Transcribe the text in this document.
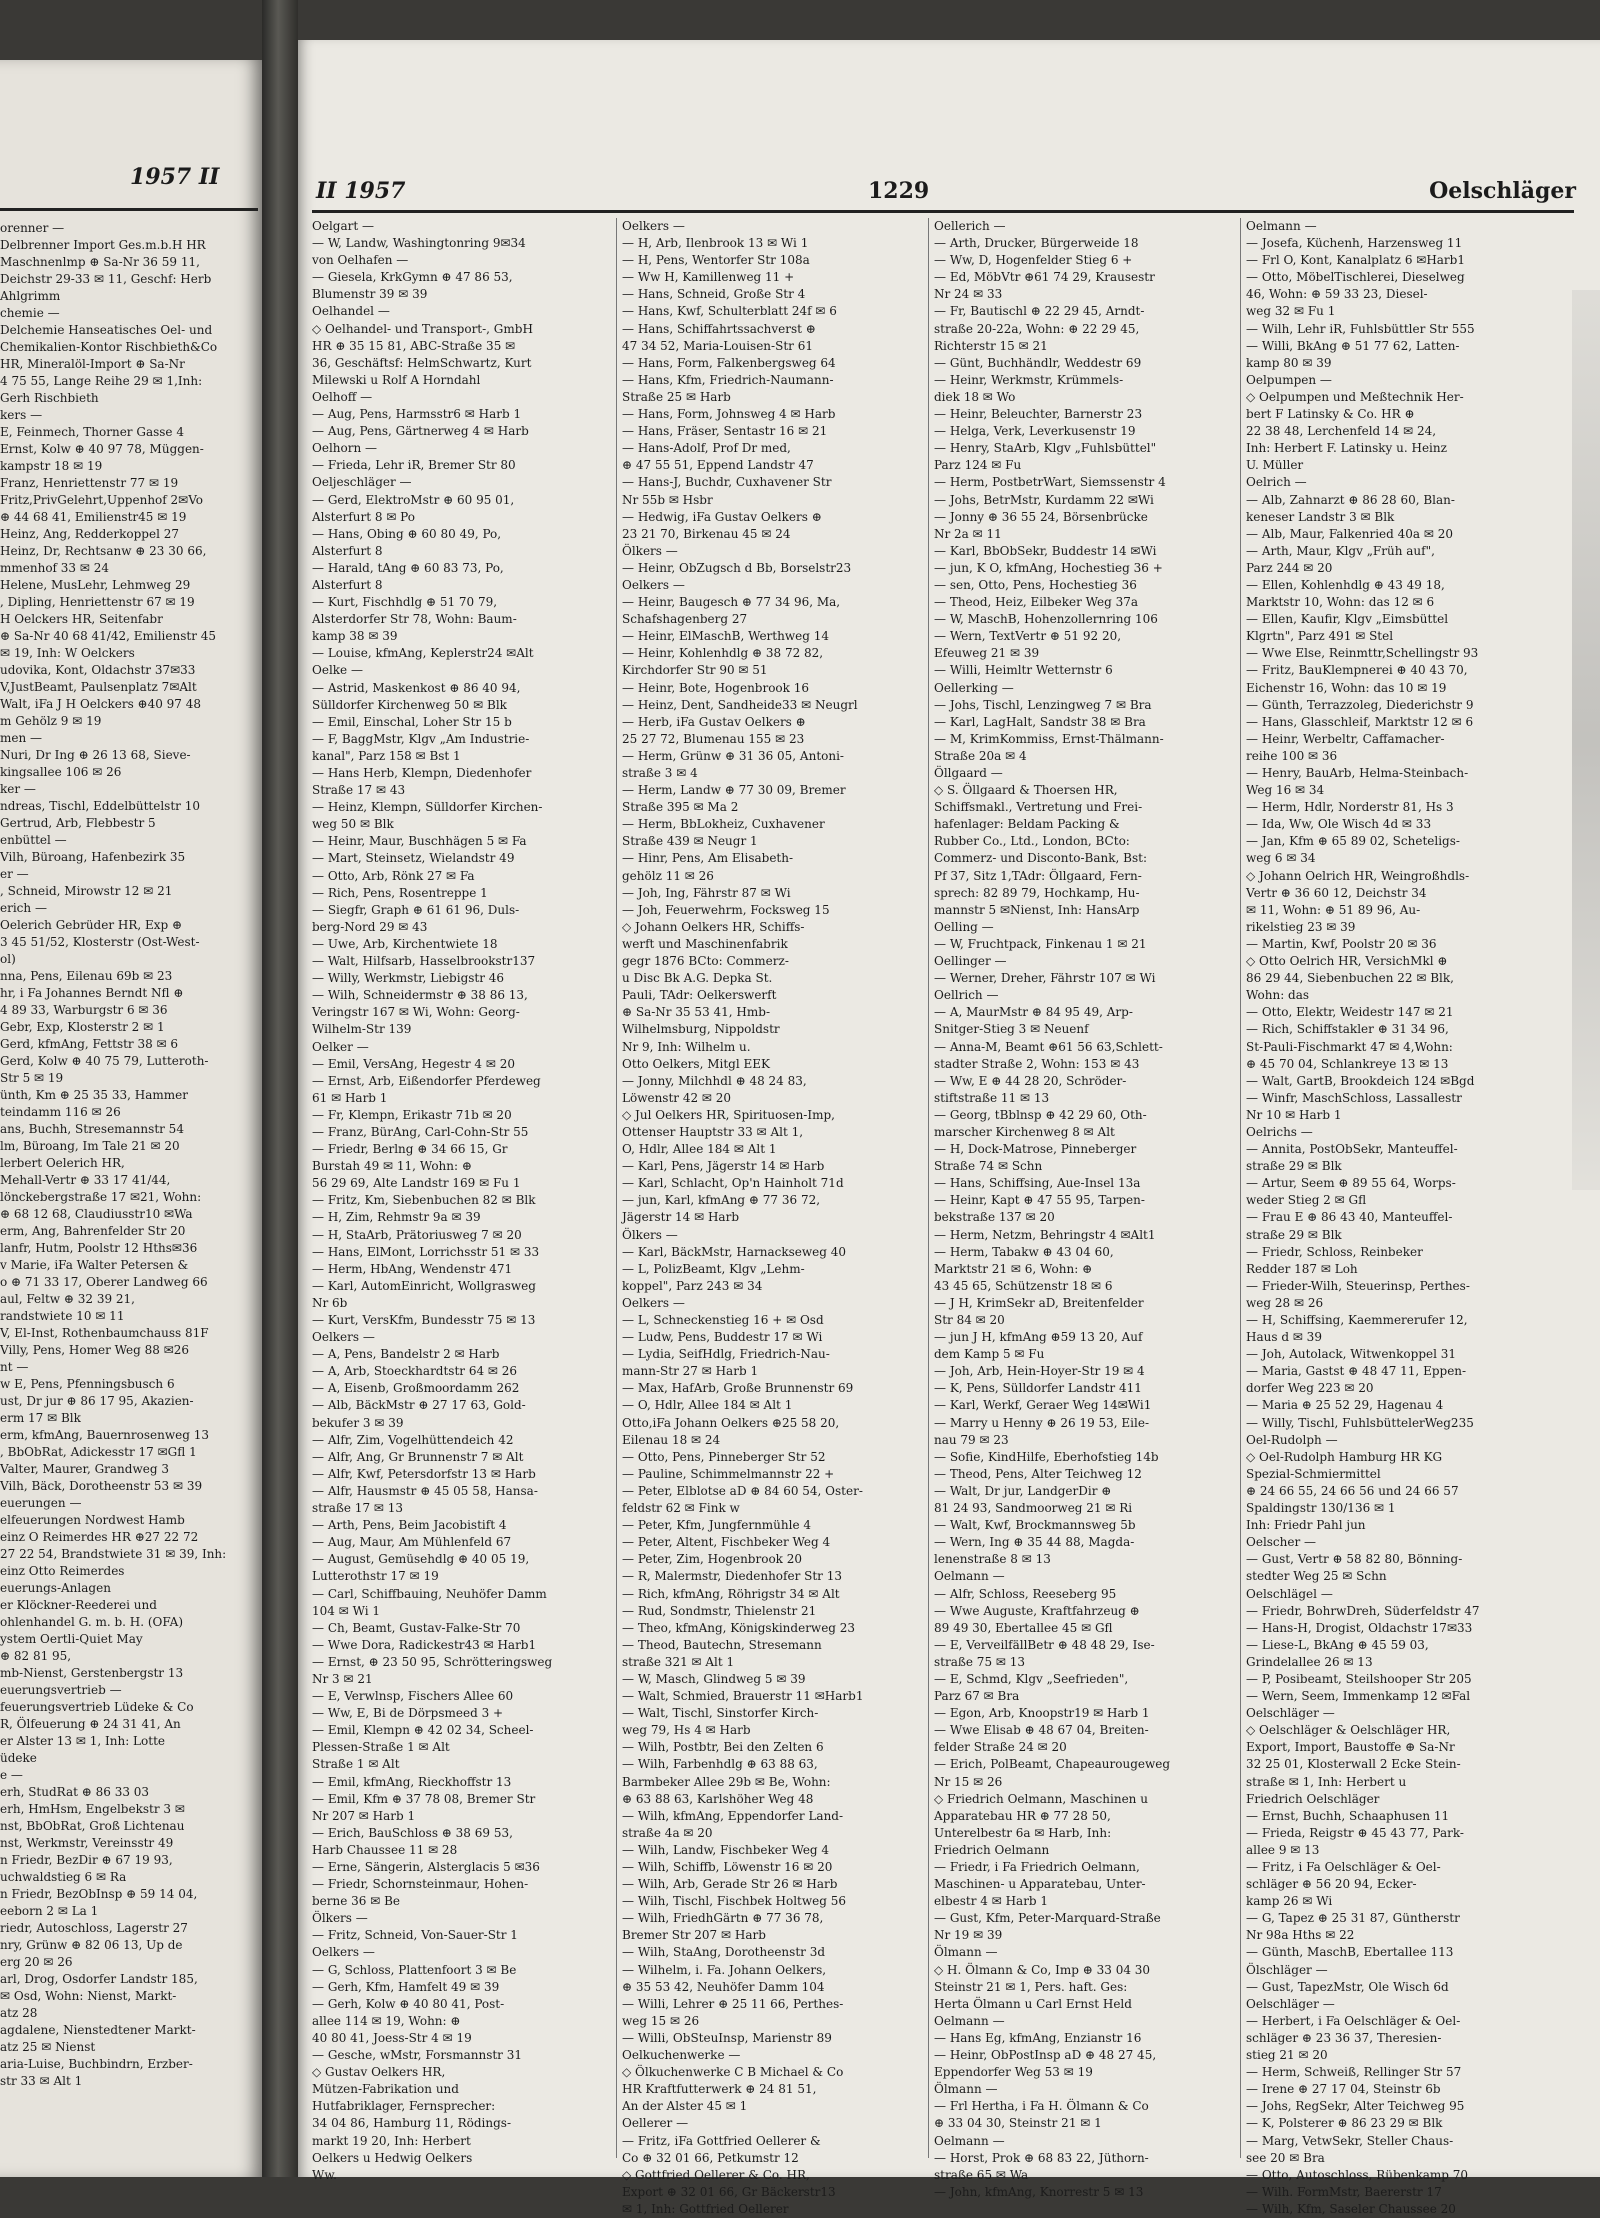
1957 II
orenner —
Delbrenner Import Ges.m.b.H HR
Maschnenlmp ⊕ Sa-Nr 36 59 11,
Deichstr 29-33 ✉ 11, Geschf: Herb
Ahlgrimm
chemie —
Delchemie Hanseatisches Oel- und
Chemikalien-Kontor Rischbieth&Co
HR, Mineralöl-Import ⊕ Sa-Nr
4 75 55, Lange Reihe 29 ✉ 1,Inh:
Gerh Rischbieth
kers —
E, Feinmech, Thorner Gasse 4
Ernst, Kolw ⊕ 40 97 78, Müggen-
kampstr 18 ✉ 19
Franz, Henriettenstr 77 ✉ 19
Fritz,PrivGelehrt,Uppenhof 2✉Vo
⊕ 44 68 41, Emilienstr45 ✉ 19
Heinz, Ang, Redderkoppel 27
Heinz, Dr, Rechtsanw ⊕ 23 30 66,
mmenhof 33 ✉ 24
Helene, MusLehr, Lehmweg 29
, Dipling, Henriettenstr 67 ✉ 19
H Oelckers HR, Seitenfabr
⊕ Sa-Nr 40 68 41/42, Emilienstr 45
✉ 19, Inh: W Oelckers
udovika, Kont, Oldachstr 37✉33
V,JustBeamt, Paulsenplatz 7✉Alt
Walt, iFa J H Oelckers ⊕40 97 48
m Gehölz 9 ✉ 19
men —
Nuri, Dr Ing ⊕ 26 13 68, Sieve-
kingsallee 106 ✉ 26
ker —
ndreas, Tischl, Eddelbüttelstr 10
Gertrud, Arb, Flebbestr 5
enbüttel —
Vilh, Büroang, Hafenbezirk 35
er —
, Schneid, Mirowstr 12 ✉ 21
erich —
Oelerich Gebrüder HR, Exp ⊕
3 45 51/52, Klosterstr (Ost-West-
ol)
nna, Pens, Eilenau 69b ✉ 23
hr, i Fa Johannes Berndt Nfl ⊕
4 89 33, Warburgstr 6 ✉ 36
Gebr, Exp, Klosterstr 2 ✉ 1
Gerd, kfmAng, Fettstr 38 ✉ 6
Gerd, Kolw ⊕ 40 75 79, Lutteroth-
Str 5 ✉ 19
ünth, Km ⊕ 25 35 33, Hammer
teindamm 116 ✉ 26
ans, Buchh, Stresemannstr 54
lm, Büroang, Im Tale 21 ✉ 20
lerbert Oelerich HR,
Mehall-Vertr ⊕ 33 17 41/44,
lönckebergstraße 17 ✉21, Wohn:
⊕ 68 12 68, Claudiusstr10 ✉Wa
erm, Ang, Bahrenfelder Str 20
lanfr, Hutm, Poolstr 12 Hths✉36
v Marie, iFa Walter Petersen &
o ⊕ 71 33 17, Oberer Landweg 66
aul, Feltw ⊕ 32 39 21,
randstwiete 10 ✉ 11
V, El-Inst, Rothenbaumchauss 81F
Villy, Pens, Homer Weg 88 ✉26
nt —
w E, Pens, Pfenningsbusch 6
ust, Dr jur ⊕ 86 17 95, Akazien-
erm 17 ✉ Blk
erm, kfmAng, Bauernrosenweg 13
, BbObRat, Adickesstr 17 ✉Gfl 1
Valter, Maurer, Grandweg 3
Vilh, Bäck, Dorotheenstr 53 ✉ 39
euerungen —
elfeuerungen Nordwest Hamb
einz O Reimerdes HR ⊕27 22 72
27 22 54, Brandstwiete 31 ✉ 39, Inh:
einz Otto Reimerdes
euerungs-Anlagen
er Klöckner-Reederei und
ohlenhandel G. m. b. H. (OFA)
ystem Oertli-Quiet May
⊕ 82 81 95,
mb-Nienst, Gerstenbergstr 13
euerungsvertrieb —
feuerungsvertrieb Lüdeke & Co
R, Ölfeuerung ⊕ 24 31 41, An
er Alster 13 ✉ 1, Inh: Lotte
üdeke
e —
erh, StudRat ⊕ 86 33 03
erh, HmHsm, Engelbekstr 3 ✉
nst, BbObRat, Groß Lichtenau
nst, Werkmstr, Vereinsstr 49
n Friedr, BezDir ⊕ 67 19 93,
uchwaldstieg 6 ✉ Ra
n Friedr, BezObInsp ⊕ 59 14 04,
eeborn 2 ✉ La 1
riedr, Autoschloss, Lagerstr 27
nry, Grünw ⊕ 82 06 13, Up de
erg 20 ✉ 26
arl, Drog, Osdorfer Landstr 185,
✉ Osd, Wohn: Nienst, Markt-
atz 28
agdalene, Nienstedtener Markt-
atz 25 ✉ Nienst
aria-Luise, Buchbindrn, Erzber-
str 33 ✉ Alt 1
II 1957	1229	Oelschläger
Oelgart —
— W, Landw, Washingtonring 9✉34
von Oelhafen —
— Giesela, KrkGymn ⊕ 47 86 53,
Blumenstr 39 ✉ 39
Oelhandel —
◇ Oelhandel- und Transport-, GmbH
HR ⊕ 35 15 81, ABC-Straße 35 ✉
36, Geschäftsf: HelmSchwartz, Kurt
Milewski u Rolf A Horndahl
Oelhoff —
— Aug, Pens, Harmsstr6 ✉ Harb 1
— Aug, Pens, Gärtnerweg 4 ✉ Harb
Oelhorn —
— Frieda, Lehr iR, Bremer Str 80
Oeljeschläger —
— Gerd, ElektroMstr ⊕ 60 95 01,
Alsterfurt 8 ✉ Po
— Hans, Obing ⊕ 60 80 49, Po,
Alsterfurt 8
— Harald, tAng ⊕ 60 83 73, Po,
Alsterfurt 8
— Kurt, Fischhdlg ⊕ 51 70 79,
Alsterdorfer Str 78, Wohn: Baum-
kamp 38 ✉ 39
— Louise, kfmAng, Keplerstr24 ✉Alt
Oelke —
— Astrid, Maskenkost ⊕ 86 40 94,
Sülldorfer Kirchenweg 50 ✉ Blk
— Emil, Einschal, Loher Str 15 b
— F, BaggMstr, Klgv „Am Industrie-
kanal", Parz 158 ✉ Bst 1
— Hans Herb, Klempn, Diedenhofer
Straße 17 ✉ 43
— Heinz, Klempn, Sülldorfer Kirchen-
weg 50 ✉ Blk
— Heinr, Maur, Buschhägen 5 ✉ Fa
— Mart, Steinsetz, Wielandstr 49
— Otto, Arb, Rönk 27 ✉ Fa
— Rich, Pens, Rosentreppe 1
— Siegfr, Graph ⊕ 61 61 96, Duls-
berg-Nord 29 ✉ 43
— Uwe, Arb, Kirchentwiete 18
— Walt, Hilfsarb, Hasselbrookstr137
— Willy, Werkmstr, Liebigstr 46
— Wilh, Schneidermstr ⊕ 38 86 13,
Veringstr 167 ✉ Wi, Wohn: Georg-
Wilhelm-Str 139
Oelker —
— Emil, VersAng, Hegestr 4 ✉ 20
— Ernst, Arb, Eißendorfer Pferdeweg
61 ✉ Harb 1
— Fr, Klempn, Erikastr 71b ✉ 20
— Franz, BürAng, Carl-Cohn-Str 55
— Friedr, Berlng ⊕ 34 66 15, Gr
Burstah 49 ✉ 11, Wohn: ⊕
56 29 69, Alte Landstr 169 ✉ Fu 1
— Fritz, Km, Siebenbuchen 82 ✉ Blk
— H, Zim, Rehmstr 9a ✉ 39
— H, StaArb, Prätoriusweg 7 ✉ 20
— Hans, ElMont, Lorrichsstr 51 ✉ 33
— Herm, HbAng, Wendenstr 471
— Karl, AutomEinricht, Wollgrasweg
Nr 6b
— Kurt, VersKfm, Bundesstr 75 ✉ 13
Oelkers —
— A, Pens, Bandelstr 2 ✉ Harb
— A, Arb, Stoeckhardtstr 64 ✉ 26
— A, Eisenb, Großmoordamm 262
— Alb, BäckMstr ⊕ 27 17 63, Gold-
bekufer 3 ✉ 39
— Alfr, Zim, Vogelhüttendeich 42
— Alfr, Ang, Gr Brunnenstr 7 ✉ Alt
— Alfr, Kwf, Petersdorfstr 13 ✉ Harb
— Alfr, Hausmstr ⊕ 45 05 58, Hansa-
straße 17 ✉ 13
— Arth, Pens, Beim Jacobistift 4
— Aug, Maur, Am Mühlenfeld 67
— August, Gemüsehdlg ⊕ 40 05 19,
Lutterothstr 17 ✉ 19
— Carl, Schiffbauing, Neuhöfer Damm
104 ✉ Wi 1
— Ch, Beamt, Gustav-Falke-Str 70
— Wwe Dora, Radickestr43 ✉ Harb1
— Ernst, ⊕ 23 50 95, Schrötteringsweg
Nr 3 ✉ 21
— E, Verwlnsp, Fischers Allee 60
— Ww, E, Bi de Dörpsmeed 3 +
— Emil, Klempn ⊕ 42 02 34, Scheel-
Plessen-Straße 1 ✉ Alt
Straße 1 ✉ Alt
— Emil, kfmAng, Rieckhoffstr 13
— Emil, Kfm ⊕ 37 78 08, Bremer Str
Nr 207 ✉ Harb 1
— Erich, BauSchloss ⊕ 38 69 53,
Harb Chaussee 11 ✉ 28
— Erne, Sängerin, Alsterglacis 5 ✉36
— Friedr, Schornsteinmaur, Hohen-
berne 36 ✉ Be
Ölkers —
— Fritz, Schneid, Von-Sauer-Str 1
Oelkers —
— G, Schloss, Plattenfoort 3 ✉ Be
— Gerh, Kfm, Hamfelt 49 ✉ 39
— Gerh, Kolw ⊕ 40 80 41, Post-
allee 114 ✉ 19, Wohn: ⊕
40 80 41, Joess-Str 4 ✉ 19
— Gesche, wMstr, Forsmannstr 31
◇ Gustav Oelkers HR,
Mützen-Fabrikation und
Hutfabriklager, Fernsprecher:
34 04 86, Hamburg 11, Rödings-
markt 19 20, Inh: Herbert
Oelkers u Hedwig Oelkers
Ww.
Oelkers —
— H, Arb, Ilenbrook 13 ✉ Wi 1
— H, Pens, Wentorfer Str 108a
— Ww H, Kamillenweg 11 +
— Hans, Schneid, Große Str 4
— Hans, Kwf, Schulterblatt 24f ✉ 6
— Hans, Schiffahrtssachverst ⊕
47 34 52, Maria-Louisen-Str 61
— Hans, Form, Falkenbergsweg 64
— Hans, Kfm, Friedrich-Naumann-
Straße 25 ✉ Harb
— Hans, Form, Johnsweg 4 ✉ Harb
— Hans, Fräser, Sentastr 16 ✉ 21
— Hans-Adolf, Prof Dr med,
⊕ 47 55 51, Eppend Landstr 47
— Hans-J, Buchdr, Cuxhavener Str
Nr 55b ✉ Hsbr
— Hedwig, iFa Gustav Oelkers ⊕
23 21 70, Birkenau 45 ✉ 24
Ölkers —
— Heinr, ObZugsch d Bb, Borselstr23
Oelkers —
— Heinr, Baugesch ⊕ 77 34 96, Ma,
Schafshagenberg 27
— Heinr, ElMaschB, Werthweg 14
— Heinr, Kohlenhdlg ⊕ 38 72 82,
Kirchdorfer Str 90 ✉ 51
— Heinr, Bote, Hogenbrook 16
— Heinz, Dent, Sandheide33 ✉ Neugrl
— Herb, iFa Gustav Oelkers ⊕
25 27 72, Blumenau 155 ✉ 23
— Herm, Grünw ⊕ 31 36 05, Antoni-
straße 3 ✉ 4
— Herm, Landw ⊕ 77 30 09, Bremer
Straße 395 ✉ Ma 2
— Herm, BbLokheiz, Cuxhavener
Straße 439 ✉ Neugr 1
— Hinr, Pens, Am Elisabeth-
gehölz 11 ✉ 26
— Joh, Ing, Fährstr 87 ✉ Wi
— Joh, Feuerwehrm, Focksweg 15
◇ Johann Oelkers HR, Schiffs-
werft und Maschinenfabrik
gegr 1876 BCto: Commerz-
u Disc Bk A.G. Depka St.
Pauli, TAdr: Oelkerswerft
⊕ Sa-Nr 35 53 41, Hmb-
Wilhelmsburg, Nippoldstr
Nr 9, Inh: Wilhelm u.
Otto Oelkers, Mitgl EEK
— Jonny, Milchhdl ⊕ 48 24 83,
Löwenstr 42 ✉ 20
◇ Jul Oelkers HR, Spirituosen-Imp,
Ottenser Hauptstr 33 ✉ Alt 1,
O, Hdlr, Allee 184 ✉ Alt 1
— Karl, Pens, Jägerstr 14 ✉ Harb
— Karl, Schlacht, Op'n Hainholt 71d
— jun, Karl, kfmAng ⊕ 77 36 72,
Jägerstr 14 ✉ Harb
Ölkers —
— Karl, BäckMstr, Harnackseweg 40
— L, PolizBeamt, Klgv „Lehm-
koppel", Parz 243 ✉ 34
Oelkers —
— L, Schneckenstieg 16 + ✉ Osd
— Ludw, Pens, Buddestr 17 ✉ Wi
— Lydia, SeifHdlg, Friedrich-Nau-
mann-Str 27 ✉ Harb 1
— Max, HafArb, Große Brunnenstr 69
— O, Hdlr, Allee 184 ✉ Alt 1
Otto,iFa Johann Oelkers ⊕25 58 20,
Eilenau 18 ✉ 24
— Otto, Pens, Pinneberger Str 52
— Pauline, Schimmelmannstr 22 +
— Peter, Elblotse aD ⊕ 84 60 54, Oster-
feldstr 62 ✉ Fink w
— Peter, Kfm, Jungfernmühle 4
— Peter, Altent, Fischbeker Weg 4
— Peter, Zim, Hogenbrook 20
— R, Malermstr, Diedenhofer Str 13
— Rich, kfmAng, Röhrigstr 34 ✉ Alt
— Rud, Sondmstr, Thielenstr 21
— Theo, kfmAng, Königskinderweg 23
— Theod, Bautechn, Stresemann
straße 321 ✉ Alt 1
— W, Masch, Glindweg 5 ✉ 39
— Walt, Schmied, Brauerstr 11 ✉Harb1
— Walt, Tischl, Sinstorfer Kirch-
weg 79, Hs 4 ✉ Harb
— Wilh, Postbtr, Bei den Zelten 6
— Wilh, Farbenhdlg ⊕ 63 88 63,
Barmbeker Allee 29b ✉ Be, Wohn:
⊕ 63 88 63, Karlshöher Weg 48
— Wilh, kfmAng, Eppendorfer Land-
straße 4a ✉ 20
— Wilh, Landw, Fischbeker Weg 4
— Wilh, Schiffb, Löwenstr 16 ✉ 20
— Wilh, Arb, Gerade Str 26 ✉ Harb
— Wilh, Tischl, Fischbek Holtweg 56
— Wilh, FriedhGärtn ⊕ 77 36 78,
Bremer Str 207 ✉ Harb
— Wilh, StaAng, Dorotheenstr 3d
— Wilhelm, i. Fa. Johann Oelkers,
⊕ 35 53 42, Neuhöfer Damm 104
— Willi, Lehrer ⊕ 25 11 66, Perthes-
weg 15 ✉ 26
— Willi, ObSteuInsp, Marienstr 89
Oelkuchenwerke —
◇ Ölkuchenwerke C B Michael & Co
HR Kraftfutterwerk ⊕ 24 81 51,
An der Alster 45 ✉ 1
Oellerer —
— Fritz, iFa Gottfried Oellerer &
Co ⊕ 32 01 66, Petkumstr 12
◇ Gottfried Oellerer & Co. HR,
Export ⊕ 32 01 66, Gr Bäckerstr13
✉ 1, Inh: Gottfried Oellerer
Oellerich —
— Arth, Drucker, Bürgerweide 18
— Ww, D, Hogenfelder Stieg 6 +
— Ed, MöbVtr ⊕61 74 29, Krausestr
Nr 24 ✉ 33
— Fr, Bautischl ⊕ 22 29 45, Arndt-
straße 20-22a, Wohn: ⊕ 22 29 45,
Richterstr 15 ✉ 21
— Günt, Buchhändlr, Weddestr 69
— Heinr, Werkmstr, Krümmels-
diek 18 ✉ Wo
— Heinr, Beleuchter, Barnerstr 23
— Helga, Verk, Leverkusenstr 19
— Henry, StaArb, Klgv „Fuhlsbüttel"
Parz 124 ✉ Fu
— Herm, PostbetrWart, Siemssenstr 4
— Johs, BetrMstr, Kurdamm 22 ✉Wi
— Jonny ⊕ 36 55 24, Börsenbrücke
Nr 2a ✉ 11
— Karl, BbObSekr, Buddestr 14 ✉Wi
— jun, K O, kfmAng, Hochestieg 36 +
— sen, Otto, Pens, Hochestieg 36
— Theod, Heiz, Eilbeker Weg 37a
— W, MaschB, Hohenzollernring 106
— Wern, TextVertr ⊕ 51 92 20,
Efeuweg 21 ✉ 39
— Willi, Heimltr Wetternstr 6
Oellerking —
— Johs, Tischl, Lenzingweg 7 ✉ Bra
— Karl, LagHalt, Sandstr 38 ✉ Bra
— M, KrimKommiss, Ernst-Thälmann-
Straße 20a ✉ 4
Öllgaard —
◇ S. Öllgaard & Thoersen HR,
Schiffsmakl., Vertretung und Frei-
hafenlager: Beldam Packing &
Rubber Co., Ltd., London, BCto:
Commerz- und Disconto-Bank, Bst:
Pf 37, Sitz 1,TAdr: Öllgaard, Fern-
sprech: 82 89 79, Hochkamp, Hu-
mannstr 5 ✉Nienst, Inh: HansArp
Oelling —
— W, Fruchtpack, Finkenau 1 ✉ 21
Oellinger —
— Werner, Dreher, Fährstr 107 ✉ Wi
Oellrich —
— A, MaurMstr ⊕ 84 95 49, Arp-
Snitger-Stieg 3 ✉ Neuenf
— Anna-M, Beamt ⊕61 56 63,Schlett-
stadter Straße 2, Wohn: 153 ✉ 43
— Ww, E ⊕ 44 28 20, Schröder-
stiftstraße 11 ✉ 13
— Georg, tBblnsp ⊕ 42 29 60, Oth-
marscher Kirchenweg 8 ✉ Alt
— H, Dock-Matrose, Pinneberger
Straße 74 ✉ Schn
— Hans, Schiffsing, Aue-Insel 13a
— Heinr, Kapt ⊕ 47 55 95, Tarpen-
bekstraße 137 ✉ 20
— Herm, Netzm, Behringstr 4 ✉Alt1
— Herm, Tabakw ⊕ 43 04 60,
Marktstr 21 ✉ 6, Wohn: ⊕
43 45 65, Schützenstr 18 ✉ 6
— J H, KrimSekr aD, Breitenfelder
Str 84 ✉ 20
— jun J H, kfmAng ⊕59 13 20, Auf
dem Kamp 5 ✉ Fu
— Joh, Arb, Hein-Hoyer-Str 19 ✉ 4
— K, Pens, Sülldorfer Landstr 411
— Karl, Werkf, Geraer Weg 14✉Wi1
— Marry u Henny ⊕ 26 19 53, Eile-
nau 79 ✉ 23
— Sofie, KindHilfe, Eberhofstieg 14b
— Theod, Pens, Alter Teichweg 12
— Walt, Dr jur, LandgerDir ⊕
81 24 93, Sandmoorweg 21 ✉ Ri
— Walt, Kwf, Brockmannsweg 5b
— Wern, Ing ⊕ 35 44 88, Magda-
lenenstraße 8 ✉ 13
Oelmann —
— Alfr, Schloss, Reeseberg 95
— Wwe Auguste, Kraftfahrzeug ⊕
89 49 30, Ebertallee 45 ✉ Gfl
— E, VerveilfällBetr ⊕ 48 48 29, Ise-
straße 75 ✉ 13
— E, Schmd, Klgv „Seefrieden",
Parz 67 ✉ Bra
— Egon, Arb, Knoopstr19 ✉ Harb 1
— Wwe Elisab ⊕ 48 67 04, Breiten-
felder Straße 24 ✉ 20
— Erich, PolBeamt, Chapeaurougeweg
Nr 15 ✉ 26
◇ Friedrich Oelmann, Maschinen u
Apparatebau HR ⊕ 77 28 50,
Unterelbestr 6a ✉ Harb, Inh:
Friedrich Oelmann
— Friedr, i Fa Friedrich Oelmann,
Maschinen- u Apparatebau, Unter-
elbestr 4 ✉ Harb 1
— Gust, Kfm, Peter-Marquard-Straße
Nr 19 ✉ 39
Ölmann —
◇ H. Ölmann & Co, Imp ⊕ 33 04 30
Steinstr 21 ✉ 1, Pers. haft. Ges:
Herta Ölmann u Carl Ernst Held
Oelmann —
— Hans Eg, kfmAng, Enzianstr 16
— Heinr, ObPostInsp aD ⊕ 48 27 45,
Eppendorfer Weg 53 ✉ 19
Ölmann —
— Frl Hertha, i Fa H. Ölmann & Co
⊕ 33 04 30, Steinstr 21 ✉ 1
Oelmann —
— Horst, Prok ⊕ 68 83 22, Jüthorn-
straße 65 ✉ Wa
— John, kfmAng, Knorrestr 5 ✉ 13
Oelmann —
— Josefa, Küchenh, Harzensweg 11
— Frl O, Kont, Kanalplatz 6 ✉Harb1
— Otto, MöbelTischlerei, Dieselweg
46, Wohn: ⊕ 59 33 23, Diesel-
weg 32 ✉ Fu 1
— Wilh, Lehr iR, Fuhlsbüttler Str 555
— Willi, BkAng ⊕ 51 77 62, Latten-
kamp 80 ✉ 39
Oelpumpen —
◇ Oelpumpen und Meßtechnik Her-
bert F Latinsky & Co. HR ⊕
22 38 48, Lerchenfeld 14 ✉ 24,
Inh: Herbert F. Latinsky u. Heinz
U. Müller
Oelrich —
— Alb, Zahnarzt ⊕ 86 28 60, Blan-
keneser Landstr 3 ✉ Blk
— Alb, Maur, Falkenried 40a ✉ 20
— Arth, Maur, Klgv „Früh auf",
Parz 244 ✉ 20
— Ellen, Kohlenhdlg ⊕ 43 49 18,
Marktstr 10, Wohn: das 12 ✉ 6
— Ellen, Kaufir, Klgv „Eimsbüttel
Klgrtn", Parz 491 ✉ Stel
— Wwe Else, Reinmttr,Schellingstr 93
— Fritz, BauKlempnerei ⊕ 40 43 70,
Eichenstr 16, Wohn: das 10 ✉ 19
— Günth, Terrazzoleg, Diederichstr 9
— Hans, Glasschleif, Marktstr 12 ✉ 6
— Heinr, Werbeltr, Caffamacher-
reihe 100 ✉ 36
— Henry, BauArb, Helma-Steinbach-
Weg 16 ✉ 34
— Herm, Hdlr, Norderstr 81, Hs 3
— Ida, Ww, Ole Wisch 4d ✉ 33
— Jan, Kfm ⊕ 65 89 02, Scheteligs-
weg 6 ✉ 34
◇ Johann Oelrich HR, Weingroßhdls-
Vertr ⊕ 36 60 12, Deichstr 34
✉ 11, Wohn: ⊕ 51 89 96, Au-
rikelstieg 23 ✉ 39
— Martin, Kwf, Poolstr 20 ✉ 36
◇ Otto Oelrich HR, VersichMkl ⊕
86 29 44, Siebenbuchen 22 ✉ Blk,
Wohn: das
— Otto, Elektr, Weidestr 147 ✉ 21
— Rich, Schiffstakler ⊕ 31 34 96,
St-Pauli-Fischmarkt 47 ✉ 4,Wohn:
⊕ 45 70 04, Schlankreye 13 ✉ 13
— Walt, GartB, Brookdeich 124 ✉Bgd
— Winfr, MaschSchloss, Lassallestr
Nr 10 ✉ Harb 1
Oelrichs —
— Annita, PostObSekr, Manteuffel-
straße 29 ✉ Blk
— Artur, Seem ⊕ 89 55 64, Worps-
weder Stieg 2 ✉ Gfl
— Frau E ⊕ 86 43 40, Manteuffel-
straße 29 ✉ Blk
— Friedr, Schloss, Reinbeker
Redder 187 ✉ Loh
— Frieder-Wilh, Steuerinsp, Perthes-
weg 28 ✉ 26
— H, Schiffsing, Kaemmererufer 12,
Haus d ✉ 39
— Joh, Autolack, Witwenkoppel 31
— Maria, Gastst ⊕ 48 47 11, Eppen-
dorfer Weg 223 ✉ 20
— Maria ⊕ 25 52 29, Hagenau 4
— Willy, Tischl, FuhlsbüttelerWeg235
Oel-Rudolph —
◇ Oel-Rudolph Hamburg HR KG
Spezial-Schmiermittel
⊕ 24 66 55, 24 66 56 und 24 66 57
Spaldingstr 130/136 ✉ 1
Inh: Friedr Pahl jun
Oelscher —
— Gust, Vertr ⊕ 58 82 80, Bönning-
stedter Weg 25 ✉ Schn
Oelschlägel —
— Friedr, BohrwDreh, Süderfeldstr 47
— Hans-H, Drogist, Oldachstr 17✉33
— Liese-L, BkAng ⊕ 45 59 03,
Grindelallee 26 ✉ 13
— P, Posibeamt, Steilshooper Str 205
— Wern, Seem, Immenkamp 12 ✉Fal
Oelschläger —
◇ Oelschläger & Oelschläger HR,
Export, Import, Baustoffe ⊕ Sa-Nr
32 25 01, Klosterwall 2 Ecke Stein-
straße ✉ 1, Inh: Herbert u
Friedrich Oelschläger
— Ernst, Buchh, Schaaphusen 11
— Frieda, Reigstr ⊕ 45 43 77, Park-
allee 9 ✉ 13
— Fritz, i Fa Oelschläger & Oel-
schläger ⊕ 56 20 94, Ecker-
kamp 26 ✉ Wi
— G, Tapez ⊕ 25 31 87, Güntherstr
Nr 98a Hths ✉ 22
— Günth, MaschB, Ebertallee 113
Ölschläger —
— Gust, TapezMstr, Ole Wisch 6d
Oelschläger —
— Herbert, i Fa Oelschläger & Oel-
schläger ⊕ 23 36 37, Theresien-
stieg 21 ✉ 20
— Herm, Schweiß, Rellinger Str 57
— Irene ⊕ 27 17 04, Steinstr 6b
— Johs, RegSekr, Alter Teichweg 95
— K, Polsterer ⊕ 86 23 29 ✉ Blk
— Marg, VetwSekr, Steller Chaus-
see 20 ✉ Bra
— Otto, Autoschloss, Rübenkamp 70
— Wilh. FormMstr, Baererstr 17
— Wilh, Kfm, Saseler Chaussee 20
